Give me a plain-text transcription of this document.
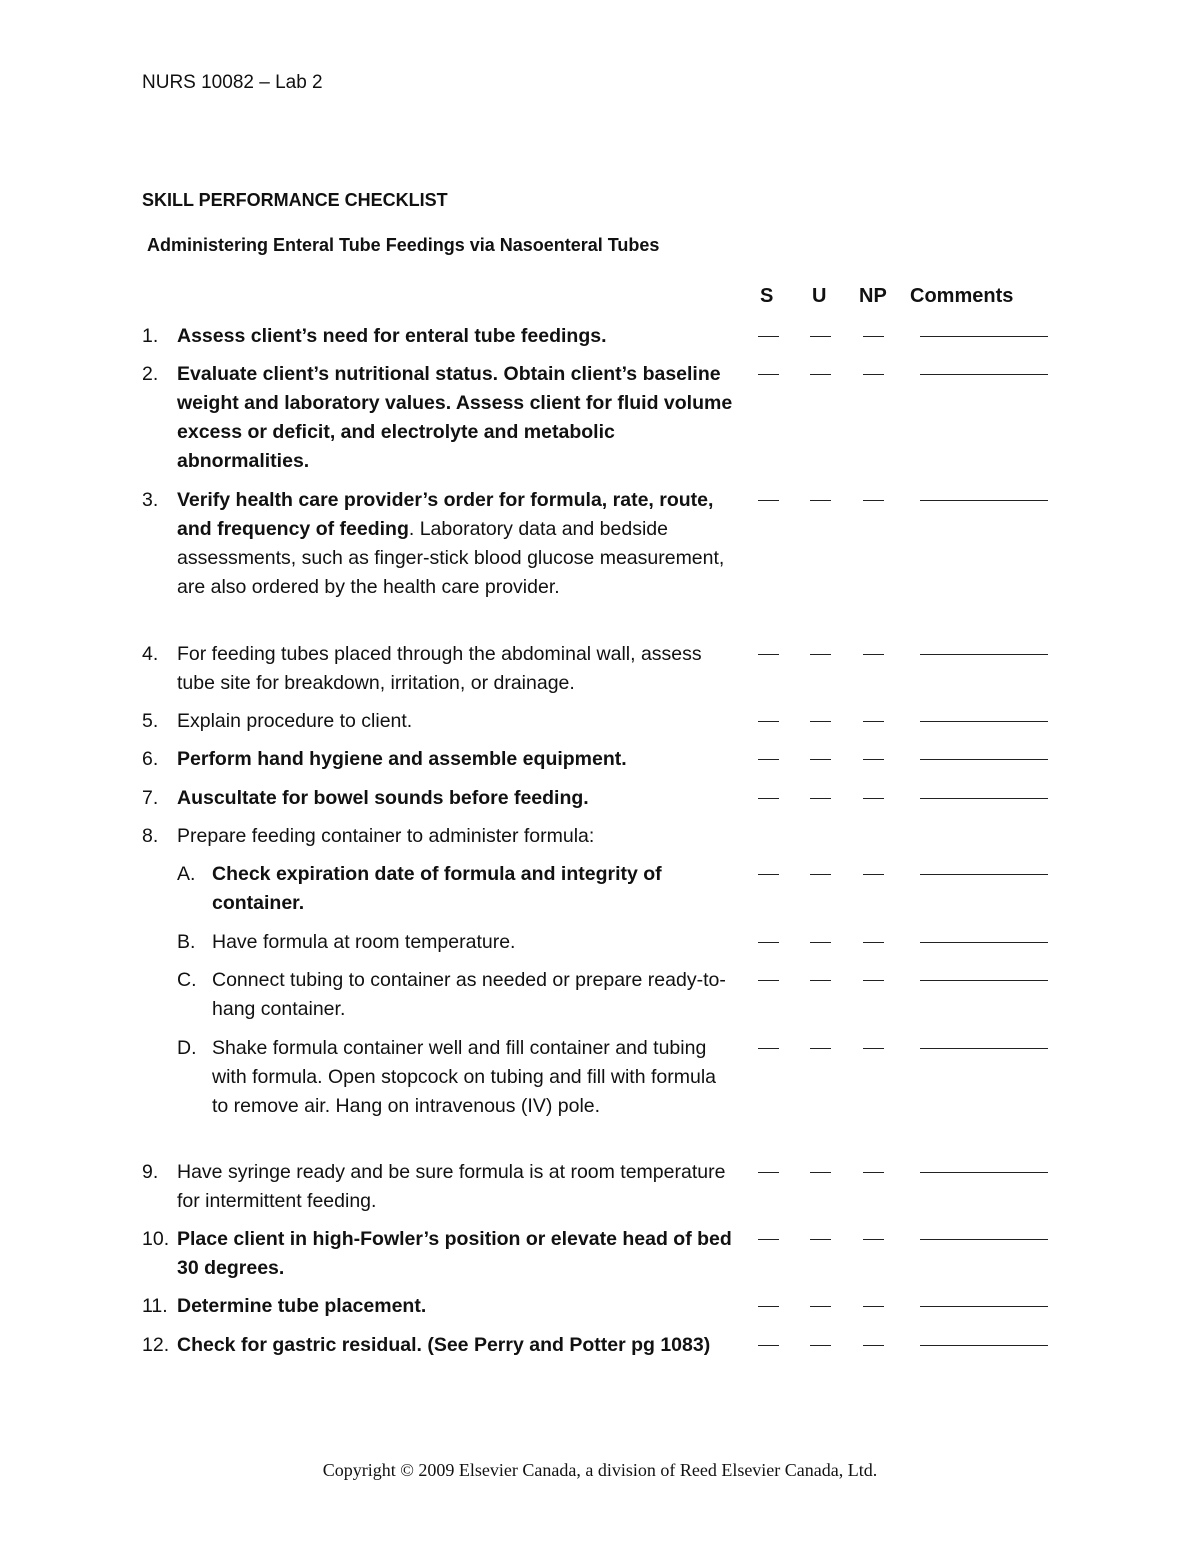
NURS 10082 – Lab 2
SKILL PERFORMANCE CHECKLIST
Administering Enteral Tube Feedings via Nasoenteral Tubes
S U NP Comments
1. Assess client’s need for enteral tube feedings.
2. Evaluate client’s nutritional status. Obtain client’s baseline weight and laboratory values. Assess client for fluid volume excess or deficit, and electrolyte and metabolic abnormalities.
3. Verify health care provider’s order for formula, rate, route, and frequency of feeding. Laboratory data and bedside assessments, such as finger-stick blood glucose measurement, are also ordered by the health care provider.
4. For feeding tubes placed through the abdominal wall, assess tube site for breakdown, irritation, or drainage.
5. Explain procedure to client.
6. Perform hand hygiene and assemble equipment.
7. Auscultate for bowel sounds before feeding.
8. Prepare feeding container to administer formula:
A. Check expiration date of formula and integrity of container.
B. Have formula at room temperature.
C. Connect tubing to container as needed or prepare ready-to-hang container.
D. Shake formula container well and fill container and tubing with formula. Open stopcock on tubing and fill with formula to remove air. Hang on intravenous (IV) pole.
9. Have syringe ready and be sure formula is at room temperature for intermittent feeding.
10. Place client in high-Fowler’s position or elevate head of bed 30 degrees.
11. Determine tube placement.
12. Check for gastric residual. (See Perry and Potter pg 1083)
Copyright © 2009 Elsevier Canada, a division of Reed Elsevier Canada, Ltd.
